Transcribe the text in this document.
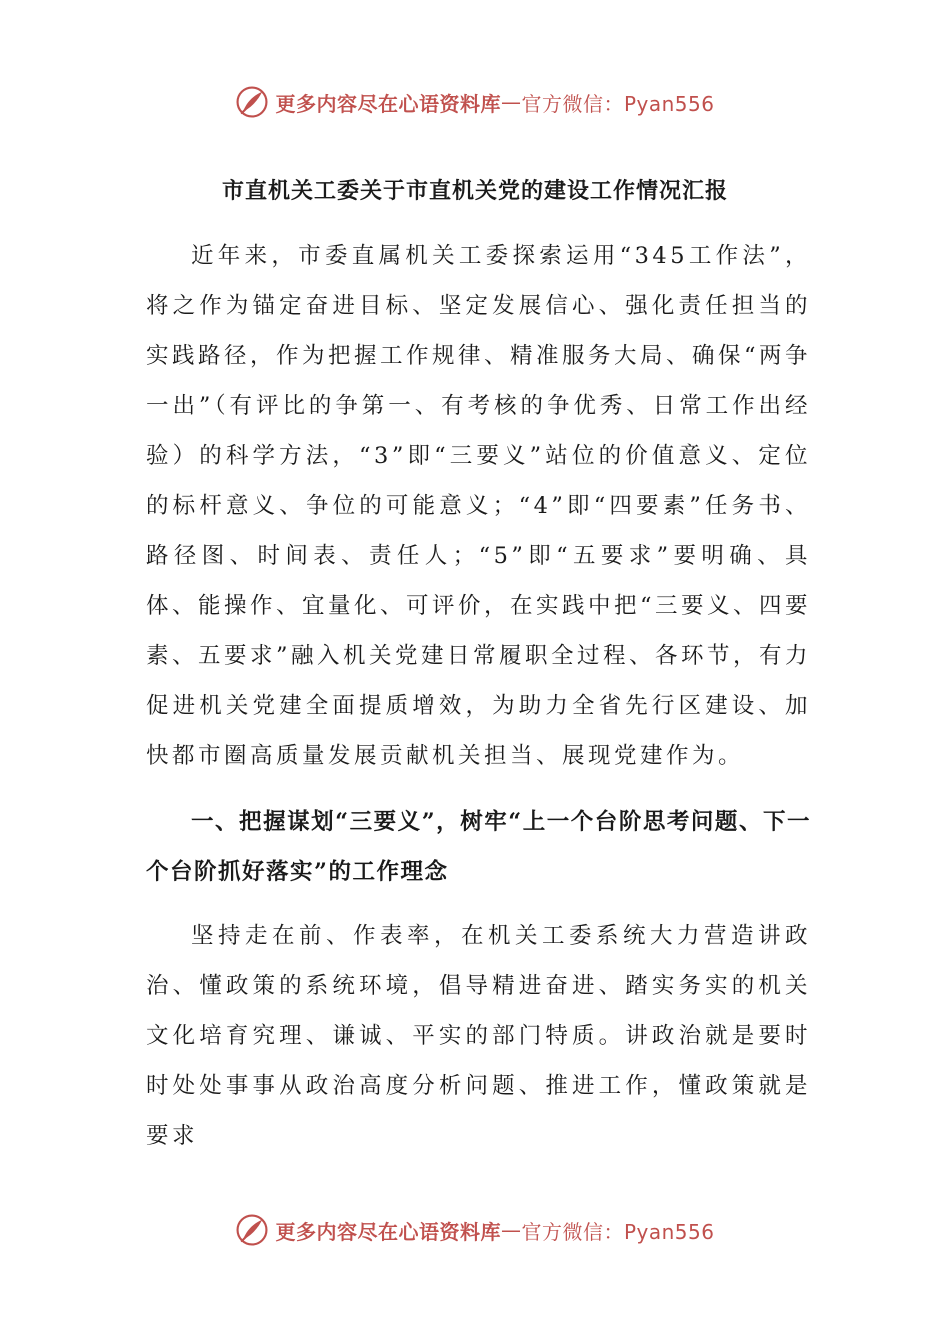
更多内容尽在心语资料库 — 官方微信：Pyan556
市直机关工委关于市直机关党的建设工作情况汇报

近年来，市委直属机关工委探索运用“345工作法”，将之作为锚定奋进目标、坚定发展信心、强化责任担当的实践路径，作为把握工作规律、精准服务大局、确保“两争一出”（有评比的争第一、有考核的争优秀、日常工作出经验）的科学方法，“3”即“三要义”站位的价值意义、定位的标杆意义、争位的可能意义；“4”即“四要素”任务书、路径图、时间表、责任人；“5”即“五要求”要明确、具体、能操作、宜量化、可评价，在实践中把“三要义、四要素、五要求”融入机关党建日常履职全过程、各环节，有力促进机关党建全面提质增效，为助力全省先行区建设、加快都市圈高质量发展贡献机关担当、展现党建作为。

一、把握谋划“三要义”，树牢“上一个台阶思考问题、下一个台阶抓好落实”的工作理念

坚持走在前、作表率，在机关工委系统大力营造讲政治、懂政策的系统环境，倡导精进奋进、踏实务实的机关文化培育究理、谦诚、平实的部门特质。讲政治就是要时时处处事事从政治高度分析问题、推进工作，懂政策就是要求

更多内容尽在心语资料库 — 官方微信：Pyan556
